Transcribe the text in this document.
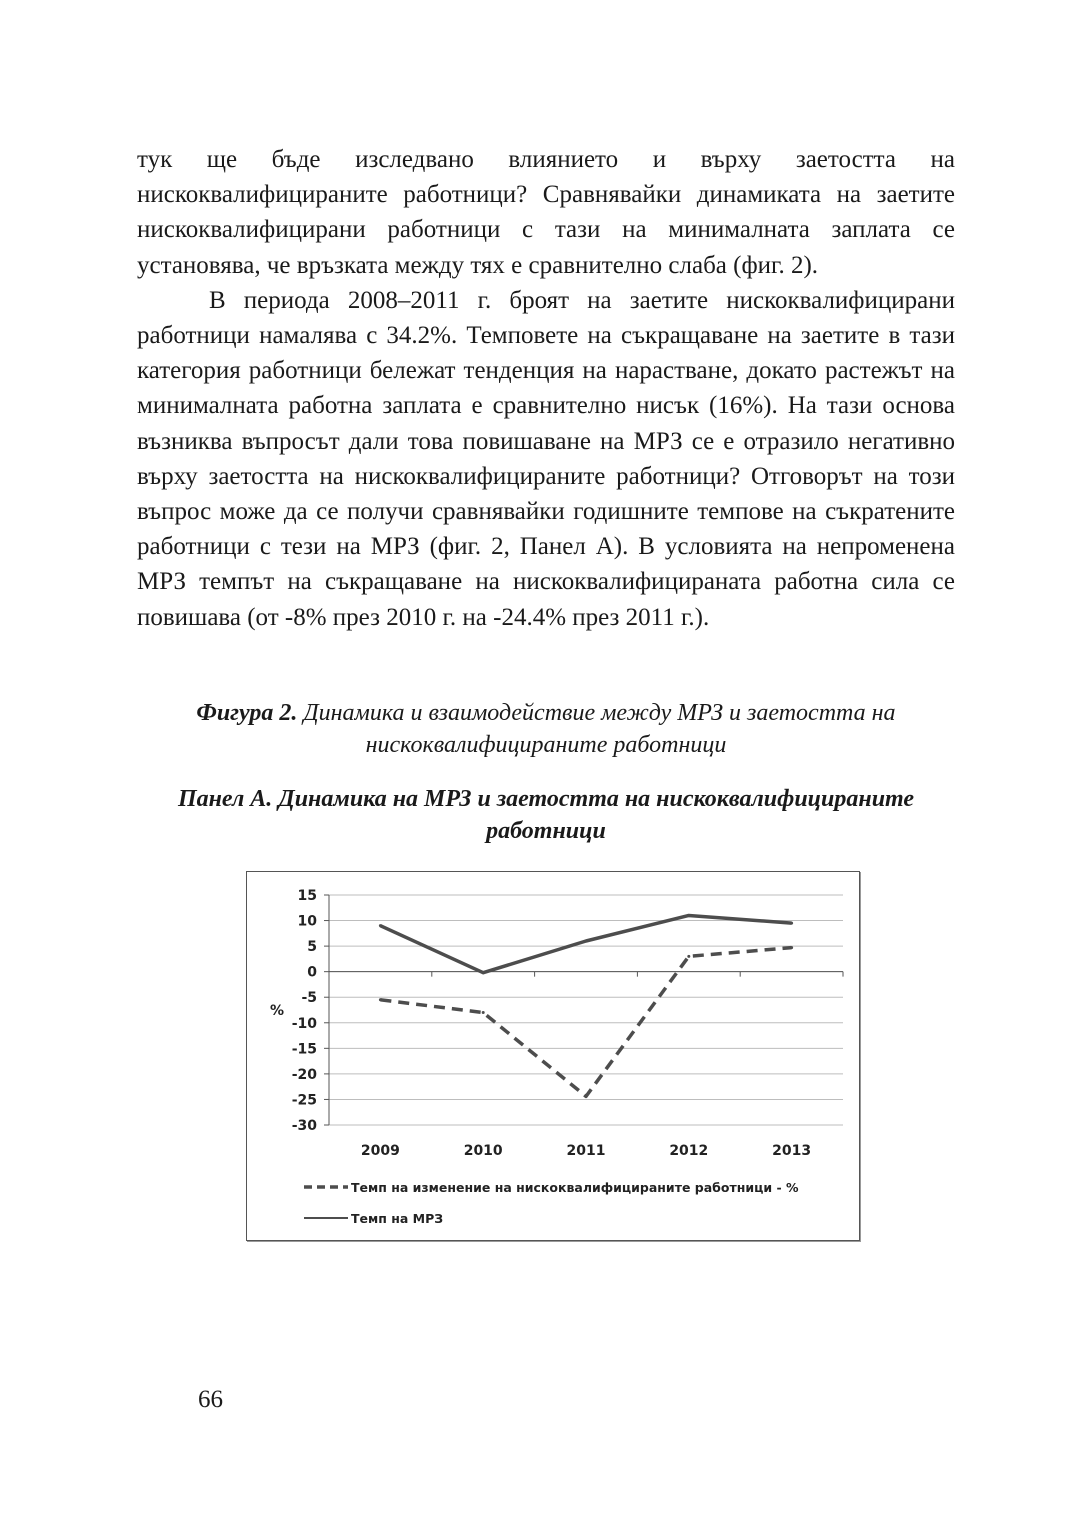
тук ще бъде изследвано влиянието и върху заетостта на нискоквалифицираните работници? Сравнявайки динамиката на заетите нискоквалифицирани работници с тази на минималната заплата се установява, че връзката между тях е сравнително слаба (фиг. 2).

В периода 2008–2011 г. броят на заетите нискоквалифицирани работници намалява с 34.2%. Темповете на съкращаване на заетите в тази категория работници бележат тенденция на нарастване, докато растежът на минималната работна заплата е сравнително нисък (16%). На тази основа възниква въпросът дали това повишаване на МРЗ се е отразило негативно върху заетостта на нискоквалифицираните работници? Отговорът на този въпрос може да се получи сравнявайки годишните темпове на съкратените работници с тези на МРЗ (фиг. 2, Панел А). В условията на непроменена МРЗ темпът на съкращаване на нискоквалифицираната работна сила се повишава (от -8% през 2010 г. на -24.4% през 2011 г.).

Фигура 2. Динамика и взаимодействие между МРЗ и заетостта на нискоквалифицираните работници
Панел А. Динамика на МРЗ и заетостта на нискоквалифицираните работници
15
10
5
0
-5
-10
-15
-20
-25
-30
%
2009	2010	2011	2012	2013
Темп на изменение на нискоквалифицираните работници - %
Темп на МРЗ
66
